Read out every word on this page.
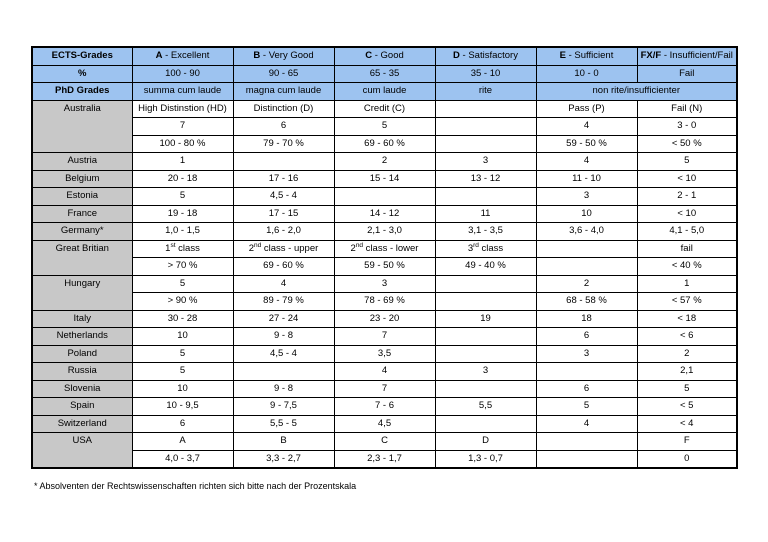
ECTS-Grades	A - Excellent	B - Very Good	C - Good	D - Satisfactory	E - Sufficient	FX/F - Insufficient/Fail
%	100 - 90	90 - 65	65 - 35	35 - 10	10 - 0	Fail
PhD Grades	summa cum laude	magna cum laude	cum laude	rite	non rite/insufficienter	
Australia	High Distinstion (HD)	Distinction (D)	Credit (C)		Pass (P)	Fail (N)
	7	6	5		4	3 - 0
	100 - 80 %	79 - 70 %	69 - 60 %		59 - 50 %	< 50 %
Austria	1		2	3	4	5
Belgium	20 - 18	17 - 16	15 - 14	13 - 12	11 - 10	< 10
Estonia	5	4,5 - 4			3	2 - 1
France	19 - 18	17 - 15	14 - 12	11	10	< 10
Germany*	1,0 - 1,5	1,6 - 2,0	2,1 - 3,0	3,1 - 3,5	3,6 - 4,0	4,1 - 5,0
Great Britian	1st class	2nd class - upper	2nd class - lower	3rd class		fail
	> 70 %	69 - 60 %	59 - 50 %	49 - 40 %		< 40 %
Hungary	5	4	3		2	1
	> 90 %	89 - 79 %	78 - 69 %		68 - 58 %	< 57 %
Italy	30 - 28	27 - 24	23 - 20	19	18	< 18
Netherlands	10	9 - 8	7		6	< 6
Poland	5	4,5 - 4	3,5		3	2
Russia	5		4	3		2,1
Slovenia	10	9 - 8	7		6	5
Spain	10 - 9,5	9 - 7,5	7 - 6	5,5	5	< 5
Switzerland	6	5,5 - 5	4,5		4	< 4
USA	A	B	C	D		F
	4,0 - 3,7	3,3 - 2,7	2,3 - 1,7	1,3 - 0,7		0
* Absolventen der Rechtswissenschaften richten sich bitte nach der Prozentskala
